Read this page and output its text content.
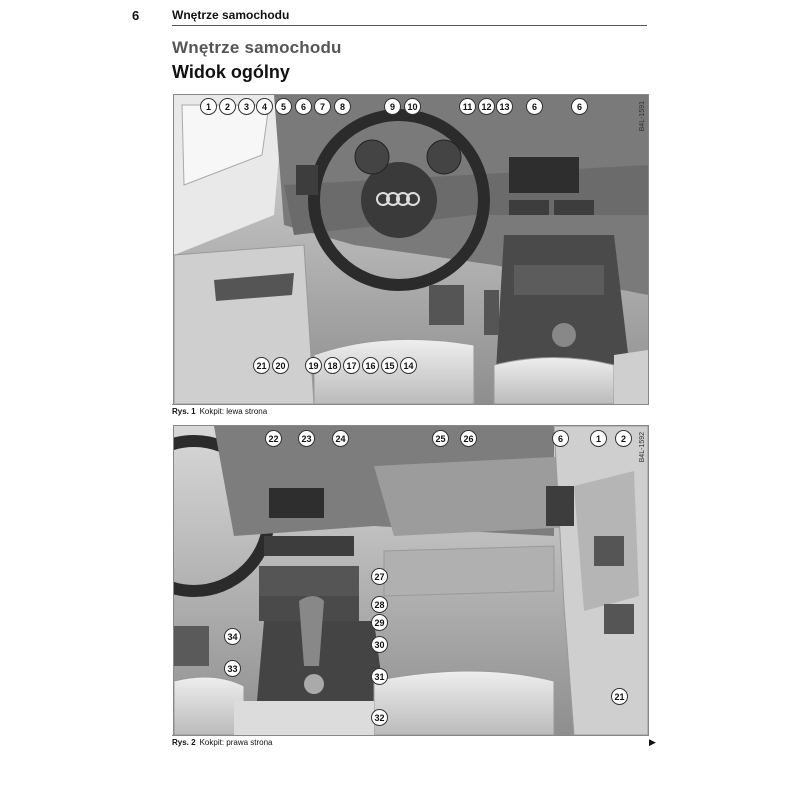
6	Wnętrze samochodu
Wnętrze samochodu
Widok ogólny
B4L-1591
1	2	3	4	5	6	7	8	9	10	11	12 13	6	6
21 20	19 18 17 16 15 14
Rys. 1 Kokpit: lewa strona
B4L-1592
22	23	24	25	26	6	1	2
27
28
29
30
34
33
31
32
21
Rys. 2 Kokpit: prawa strona	▶
